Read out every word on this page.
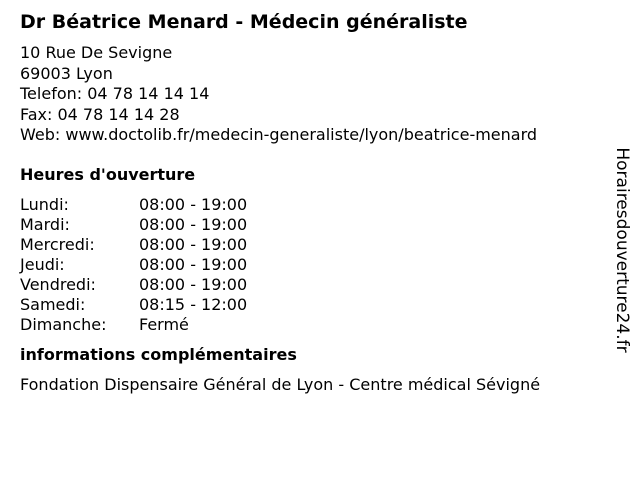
Dr Béatrice Menard - Médecin généraliste
10 Rue De Sevigne
69003 Lyon
Telefon: 04 78 14 14 14
Fax: 04 78 14 14 28
Web: www.doctolib.fr/medecin-generaliste/lyon/beatrice-menard
Heures d'ouverture
Lundi:	08:00 - 19:00
Mardi:	08:00 - 19:00
Mercredi:	08:00 - 19:00
Jeudi:	08:00 - 19:00
Vendredi:	08:00 - 19:00
Samedi:	08:15 - 12:00
Dimanche:	Fermé
informations complémentaires
Fondation Dispensaire Général de Lyon - Centre médical Sévigné
Horairesdouverture24.fr
